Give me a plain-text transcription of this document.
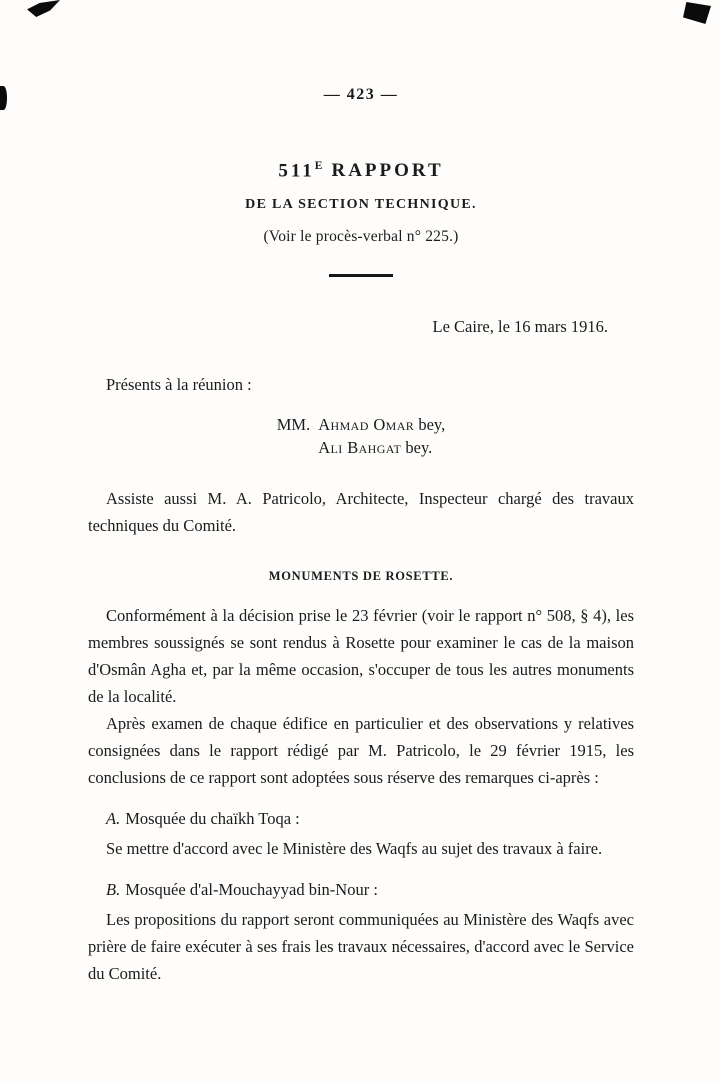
— 423 —
$511^E$ RAPPORT
DE LA SECTION TECHNIQUE.
(Voir le procès-verbal n° 225.)
Le Caire, le 16 mars 1916.

Présents à la réunion :

MM. Ahmad Omar bey,
Ali Bahgat bey.

Assiste aussi M. A. Patricolo, Architecte, Inspecteur chargé des travaux techniques du Comité.

MONUMENTS DE ROSETTE.

Conformément à la décision prise le 23 février (voir le rapport n° 508, § 4), les membres soussignés se sont rendus à Rosette pour examiner le cas de la maison d'Osmân Agha et, par la même occasion, s'occuper de tous les autres monuments de la localité.

Après examen de chaque édifice en particulier et des observations y relatives consignées dans le rapport rédigé par M. Patricolo, le 29 février 1915, les conclusions de ce rapport sont adoptées sous réserve des remarques ci-après :

A. Mosquée du chaïkh Toqa :

Se mettre d'accord avec le Ministère des Waqfs au sujet des travaux à faire.

B. Mosquée d'al-Mouchayyad bin-Nour :

Les propositions du rapport seront communiquées au Ministère des Waqfs avec prière de faire exécuter à ses frais les travaux nécessaires, d'accord avec le Service du Comité.
